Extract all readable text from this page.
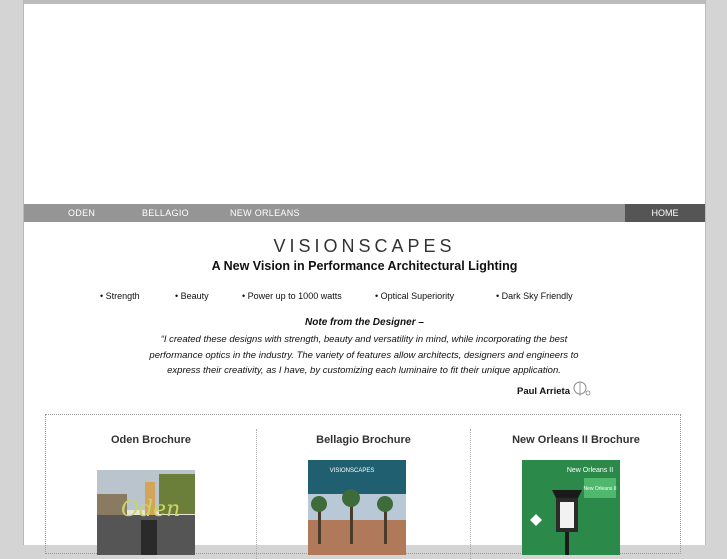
ODEN	BELLAGIO	NEW ORLEANS	HOME
VISIONSCAPES
A New Vision in Performance Architectural Lighting
• Strength	• Beauty	• Power up to 1000 watts	• Optical Superiority	• Dark Sky Friendly
Note from the Designer –
“I created these designs with strength, beauty and versatility in mind, while incorporating the best performance optics in the industry. The variety of features allow architects, designers and engineers to express their creativity, as I have, by customizing each luminaire to fit their unique application.
Paul Arrieta
Oden Brochure
Oden
Bellagio Brochure
VISIONSCAPES
New Orleans II Brochure
New Orleans II
New Orleans II
